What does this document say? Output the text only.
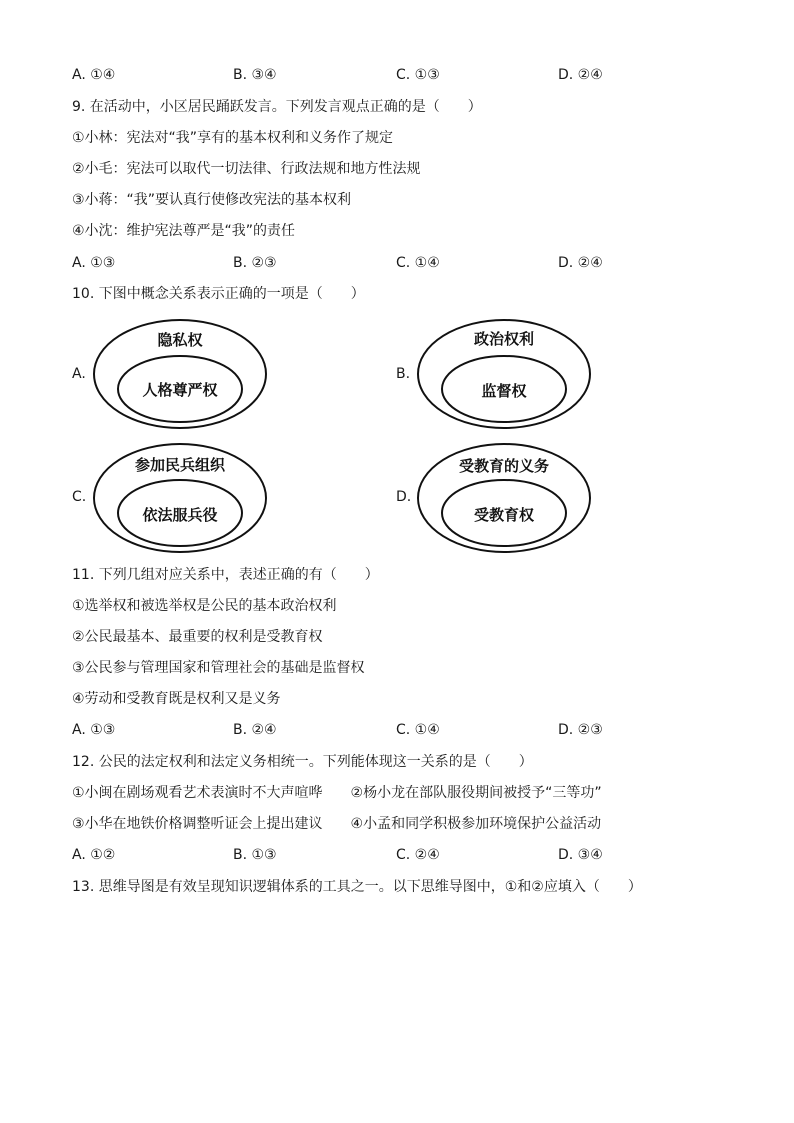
A. ①④	B. ③④	C. ①③	D. ②④
9. 在活动中，小区居民踊跃发言。下列发言观点正确的是（　　）
①小林：宪法对“我”享有的基本权利和义务作了规定
②小毛：宪法可以取代一切法律、行政法规和地方性法规
③小蒋：“我”要认真行使修改宪法的基本权利
④小沈：维护宪法尊严是“我”的责任
A. ①③	B. ②③	C. ①④	D. ②④
10. 下图中概念关系表示正确的一项是（　　）
A.
隐私权
人格尊严权
B.
政治权利
监督权
C.
参加民兵组织
依法服兵役
D.
受教育的义务
受教育权
11. 下列几组对应关系中，表述正确的有（　　）
①选举权和被选举权是公民的基本政治权利
②公民最基本、最重要的权利是受教育权
③公民参与管理国家和管理社会的基础是监督权
④劳动和受教育既是权利又是义务
A. ①③	B. ②④	C. ①④	D. ②③
12. 公民的法定权利和法定义务相统一。下列能体现这一关系的是（　　）
①小闽在剧场观看艺术表演时不大声喧哗　　②杨小龙在部队服役期间被授予“三等功”
③小华在地铁价格调整听证会上提出建议　　④小孟和同学积极参加环境保护公益活动
A. ①②	B. ①③	C. ②④	D. ③④
13. 思维导图是有效呈现知识逻辑体系的工具之一。以下思维导图中，①和②应填入（　　）
